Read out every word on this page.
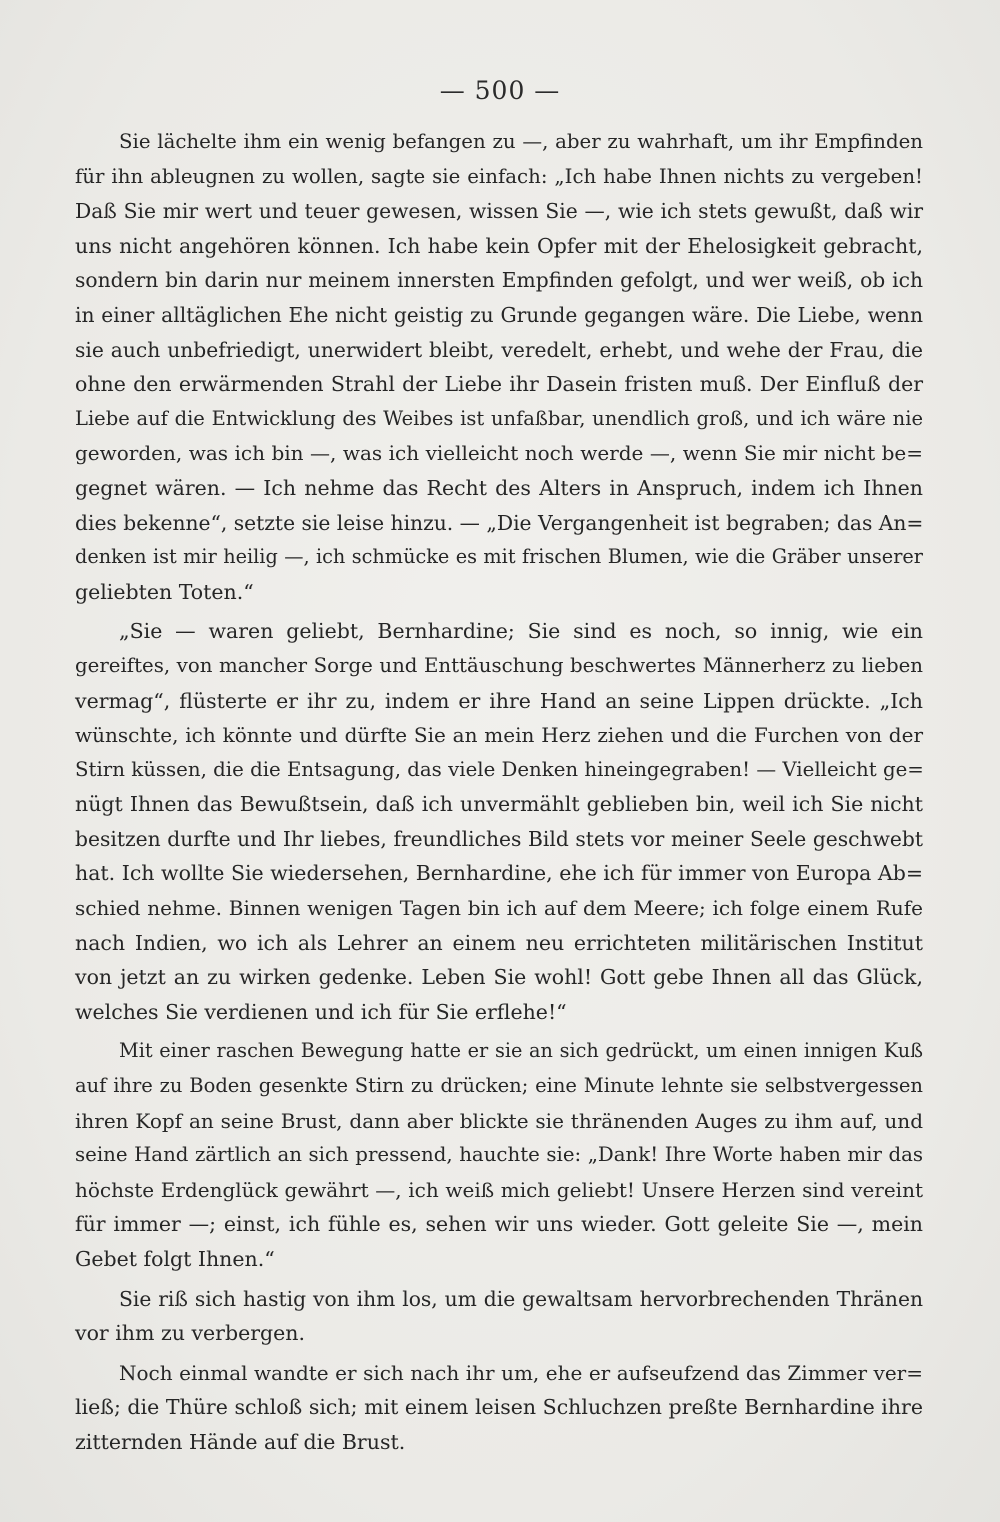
— 500 —
Sie lächelte ihm ein wenig befangen zu —, aber zu wahrhaft, um ihr Empfinden
für ihn ableugnen zu wollen, sagte sie einfach: „Ich habe Ihnen nichts zu vergeben!
Daß Sie mir wert und teuer gewesen, wissen Sie —, wie ich stets gewußt, daß wir
uns nicht angehören können. Ich habe kein Opfer mit der Ehelosigkeit gebracht,
sondern bin darin nur meinem innersten Empfinden gefolgt, und wer weiß, ob ich
in einer alltäglichen Ehe nicht geistig zu Grunde gegangen wäre. Die Liebe, wenn
sie auch unbefriedigt, unerwidert bleibt, veredelt, erhebt, und wehe der Frau, die
ohne den erwärmenden Strahl der Liebe ihr Dasein fristen muß. Der Einfluß der
Liebe auf die Entwicklung des Weibes ist unfaßbar, unendlich groß, und ich wäre nie
geworden, was ich bin —, was ich vielleicht noch werde —, wenn Sie mir nicht be=
gegnet wären. — Ich nehme das Recht des Alters in Anspruch, indem ich Ihnen
dies bekenne“, setzte sie leise hinzu. — „Die Vergangenheit ist begraben; das An=
denken ist mir heilig —, ich schmücke es mit frischen Blumen, wie die Gräber unserer
geliebten Toten.“
„Sie — waren geliebt, Bernhardine; Sie sind es noch, so innig, wie ein
gereiftes, von mancher Sorge und Enttäuschung beschwertes Männerherz zu lieben
vermag“, flüsterte er ihr zu, indem er ihre Hand an seine Lippen drückte. „Ich
wünschte, ich könnte und dürfte Sie an mein Herz ziehen und die Furchen von der
Stirn küssen, die die Entsagung, das viele Denken hineingegraben! — Vielleicht ge=
nügt Ihnen das Bewußtsein, daß ich unvermählt geblieben bin, weil ich Sie nicht
besitzen durfte und Ihr liebes, freundliches Bild stets vor meiner Seele geschwebt
hat. Ich wollte Sie wiedersehen, Bernhardine, ehe ich für immer von Europa Ab=
schied nehme. Binnen wenigen Tagen bin ich auf dem Meere; ich folge einem Rufe
nach Indien, wo ich als Lehrer an einem neu errichteten militärischen Institut
von jetzt an zu wirken gedenke. Leben Sie wohl! Gott gebe Ihnen all das Glück,
welches Sie verdienen und ich für Sie erflehe!“
Mit einer raschen Bewegung hatte er sie an sich gedrückt, um einen innigen Kuß
auf ihre zu Boden gesenkte Stirn zu drücken; eine Minute lehnte sie selbstvergessen
ihren Kopf an seine Brust, dann aber blickte sie thränenden Auges zu ihm auf, und
seine Hand zärtlich an sich pressend, hauchte sie: „Dank! Ihre Worte haben mir das
höchste Erdenglück gewährt —, ich weiß mich geliebt! Unsere Herzen sind vereint
für immer —; einst, ich fühle es, sehen wir uns wieder. Gott geleite Sie —, mein
Gebet folgt Ihnen.“
Sie riß sich hastig von ihm los, um die gewaltsam hervorbrechenden Thränen
vor ihm zu verbergen.
Noch einmal wandte er sich nach ihr um, ehe er aufseufzend das Zimmer ver=
ließ; die Thüre schloß sich; mit einem leisen Schluchzen preßte Bernhardine ihre
zitternden Hände auf die Brust.
